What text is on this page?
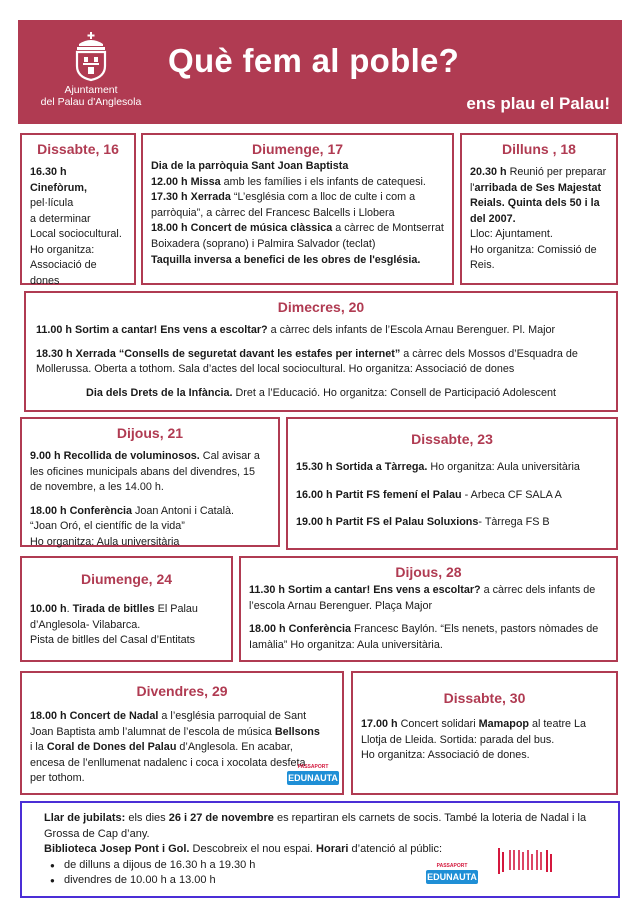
Ajuntament
del Palau d'Anglesola
Què fem al poble?
ens plau el Palau!
Dissabte, 16
16.30 h
Cinefòrum,
pel·lícula
a determinar
Local sociocultural.
Ho organitza: Associació de dones
Diumenge, 17
Dia de la parròquia Sant Joan Baptista
12.00 h Missa amb les famílies i els infants de catequesi.
17.30 h Xerrada “L’església com a lloc de culte i com a parròquia”, a càrrec del Francesc Balcells i Llobera
18.00 h Concert de música clàssica a càrrec de Montserrat Boixadera (soprano) i Palmira Salvador (teclat)
Taquilla inversa a benefici de les obres de l'església.
Dilluns , 18
20.30 h Reunió per preparar l'arribada de Ses Majestat Reials. Quinta dels 50 i la del 2007.
Lloc: Ajuntament.
Ho organitza: Comissió de Reis.
Dimecres, 20

11.00 h Sortim a cantar! Ens vens a escoltar? a càrrec dels infants de l’Escola Arnau Berenguer. Pl. Major

18.30 h Xerrada “Consells de seguretat davant les estafes per internet” a càrrec dels Mossos d’Esquadra de Mollerussa. Oberta a tothom. Sala d’actes del local sociocultural. Ho organitza: Associació de dones

Dia dels Drets de la Infància. Dret a l’Educació. Ho organitza: Consell de Participació Adolescent

Dijous, 21

9.00 h Recollida de voluminosos. Cal avisar a les oficines municipals abans del divendres, 15 de novembre, a les 14.00 h.

18.00 h Conferència Joan Antoni i Català.
“Joan Oró, el científic de la vida”
Ho organitza: Aula universitària
Dissabte, 23

15.30 h Sortida a Tàrrega. Ho organitza: Aula universitària

16.00 h Partit FS femení el Palau - Arbeca CF SALA A

19.00 h Partit FS el Palau Soluxions- Tàrrega FS B

Diumenge, 24
10.00 h. Tirada de bitlles El Palau d’Anglesola- Vilabarca.
Pista de bitlles del Casal d’Entitats
Dijous, 28

11.30 h Sortim a cantar! Ens vens a escoltar? a càrrec dels infants de l’escola Arnau Berenguer. Plaça Major

18.00 h Conferència Francesc Baylón. “Els nenets, pastors nòmades de Iamàlia” Ho organitza: Aula universitària.

Divendres, 29
18.00 h Concert de Nadal a l’església parroquial de Sant Joan Baptista amb l’alumnat de l’escola de música Bellsons i la Coral de Dones del Palau d’Anglesola. En acabar, encesa de l’enllumenat nadalenc i coca i xocolata desfeta per tothom.
PASSAPORT
EDUNAUTA
Dissabte, 30
17.00 h Concert solidari Mamapop al teatre La Llotja de Lleida. Sortida: parada del bus.
Ho organitza: Associació de dones.
Llar de jubilats: els dies 26 i 27 de novembre es repartiran els carnets de socis. També la loteria de Nadal i la Grossa de Cap d’any.
Biblioteca Josep Pont i Gol. Descobreix el nou espai. Horari d’atenció al públic:
● de dilluns a dijous de 16.30 h a 19.30 h
● divendres de 10.00 h a 13.00 h
PASSAPORT
EDUNAUTA
